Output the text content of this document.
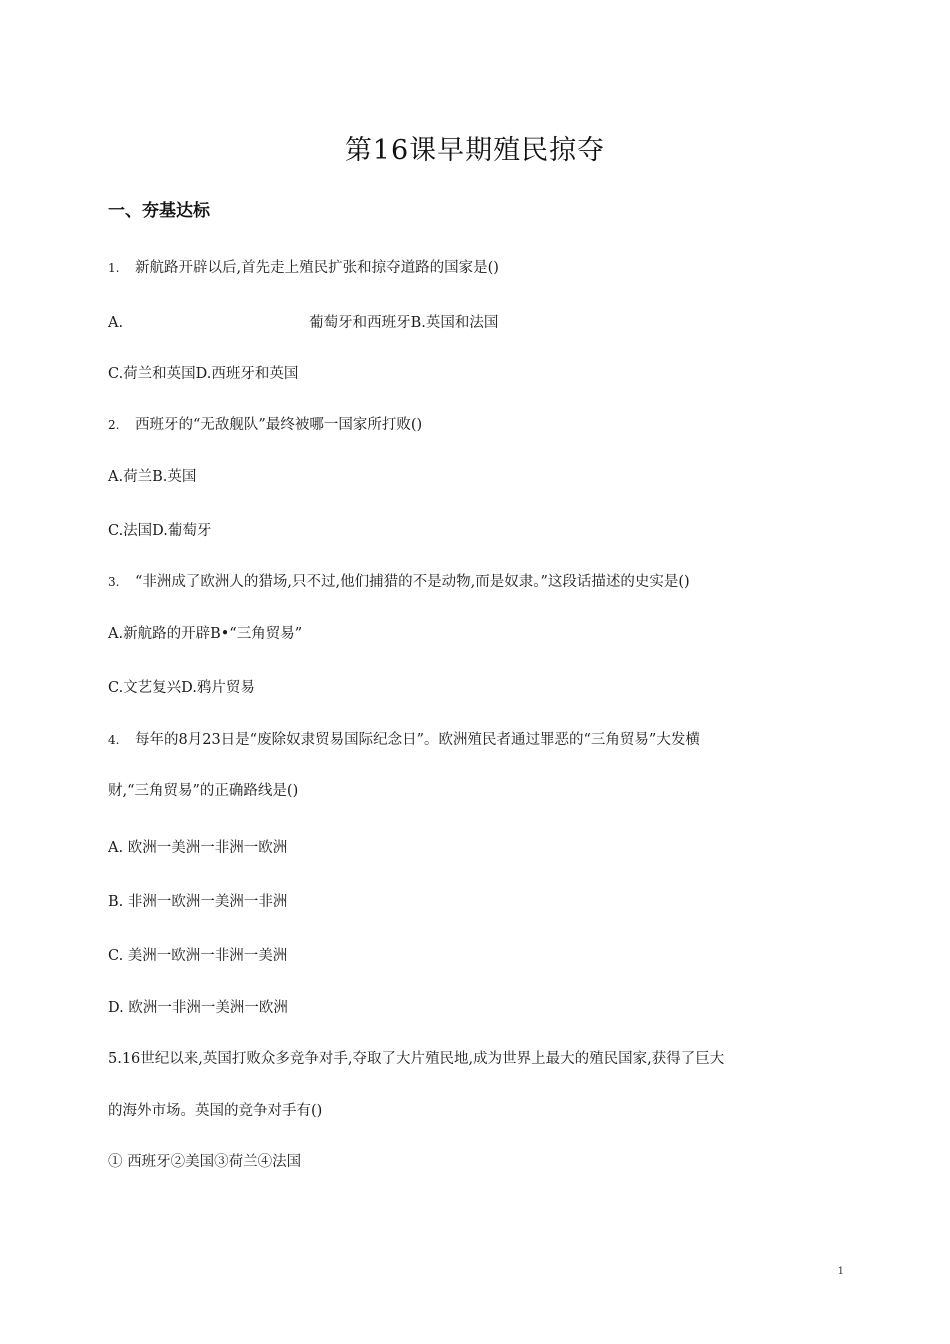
第16课早期殖民掠夺
一、夯基达标
1. 新航路开辟以后,首先走上殖民扩张和掠夺道路的国家是()
A.	葡萄牙和西班牙B.英国和法国
C.荷兰和英国D.西班牙和英国
2. 西班牙的“无敌舰队”最终被哪一国家所打败()
A.荷兰B.英国
C.法国D.葡萄牙
3. “非洲成了欧洲人的猎场,只不过,他们捕猎的不是动物,而是奴隶。”这段话描述的史实是()
A.新航路的开辟B•“三角贸易”
C.文艺复兴D.鸦片贸易
4. 每年的8月23日是“废除奴隶贸易国际纪念日”。欧洲殖民者通过罪恶的“三角贸易”大发横
财,“三角贸易”的正确路线是()
A. 欧洲一美洲一非洲一欧洲
B. 非洲一欧洲一美洲一非洲
C. 美洲一欧洲一非洲一美洲
D. 欧洲一非洲一美洲一欧洲
5.16世纪以来,英国打败众多竞争对手,夺取了大片殖民地,成为世界上最大的殖民国家,获得了巨大
的海外市场。英国的竞争对手有()
① 西班牙②美国③荷兰④法国
1
